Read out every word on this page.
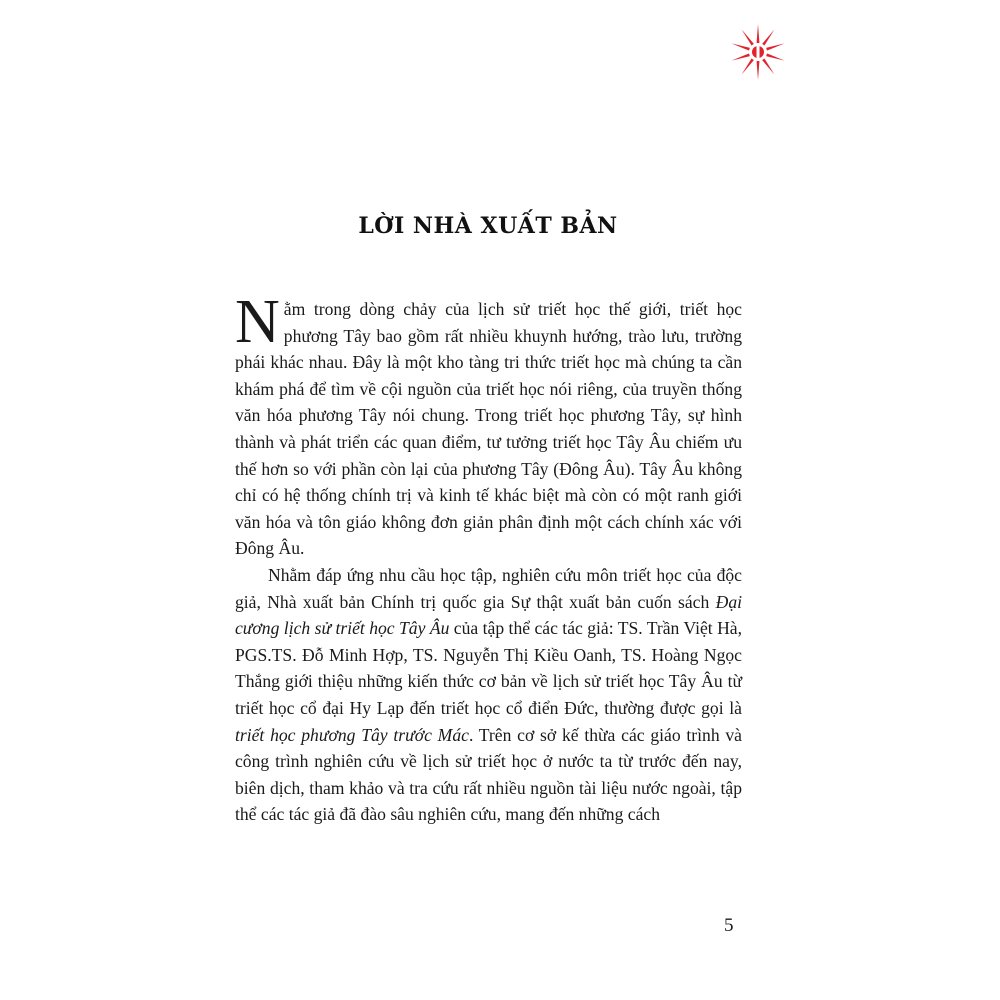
LỜI NHÀ XUẤT BẢN

Nằm trong dòng chảy của lịch sử triết học thế giới, triết học phương Tây bao gồm rất nhiều khuynh hướng, trào lưu, trường phái khác nhau. Đây là một kho tàng tri thức triết học mà chúng ta cần khám phá để tìm về cội nguồn của triết học nói riêng, của truyền thống văn hóa phương Tây nói chung. Trong triết học phương Tây, sự hình thành và phát triển các quan điểm, tư tưởng triết học Tây Âu chiếm ưu thế hơn so với phần còn lại của phương Tây (Đông Âu). Tây Âu không chỉ có hệ thống chính trị và kinh tế khác biệt mà còn có một ranh giới văn hóa và tôn giáo không đơn giản phân định một cách chính xác với Đông Âu.

Nhằm đáp ứng nhu cầu học tập, nghiên cứu môn triết học của độc giả, Nhà xuất bản Chính trị quốc gia Sự thật xuất bản cuốn sách Đại cương lịch sử triết học Tây Âu của tập thể các tác giả: TS. Trần Việt Hà, PGS.TS. Đỗ Minh Hợp, TS. Nguyễn Thị Kiều Oanh, TS. Hoàng Ngọc Thắng giới thiệu những kiến thức cơ bản về lịch sử triết học Tây Âu từ triết học cổ đại Hy Lạp đến triết học cổ điển Đức, thường được gọi là triết học phương Tây trước Mác. Trên cơ sở kế thừa các giáo trình và công trình nghiên cứu về lịch sử triết học ở nước ta từ trước đến nay, biên dịch, tham khảo và tra cứu rất nhiều nguồn tài liệu nước ngoài, tập thể các tác giả đã đào sâu nghiên cứu, mang đến những cách

5
